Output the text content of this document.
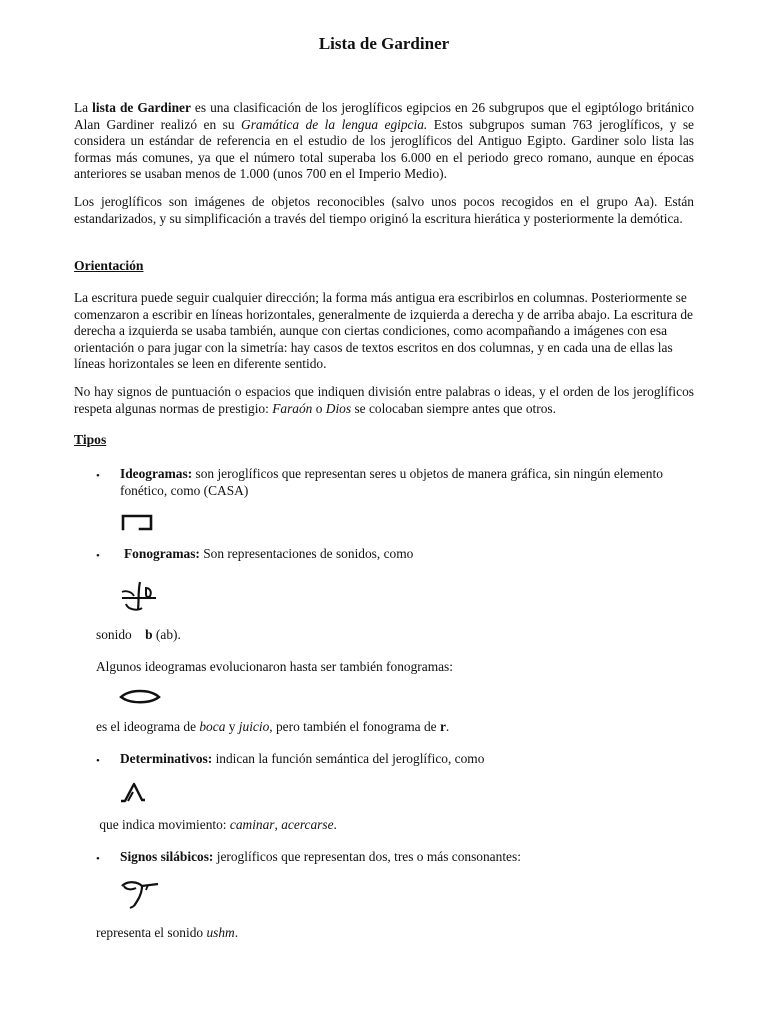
Lista de Gardiner

La lista de Gardiner es una clasificación de los jeroglíficos egipcios en 26 subgrupos que el egiptólogo británico Alan Gardiner realizó en su Gramática de la lengua egipcia. Estos subgrupos suman 763 jeroglíficos, y se considera un estándar de referencia en el estudio de los jeroglíficos del Antiguo Egipto. Gardiner solo lista las formas más comunes, ya que el número total superaba los 6.000 en el periodo greco romano, aunque en épocas anteriores se usaban menos de 1.000 (unos 700 en el Imperio Medio).

Los jeroglíficos son imágenes de objetos reconocibles (salvo unos pocos recogidos en el grupo Aa). Están estandarizados, y su simplificación a través del tiempo originó la escritura hierática y posteriormente la demótica.

Orientación

La escritura puede seguir cualquier dirección; la forma más antigua era escribirlos en columnas. Posteriormente se comenzaron a escribir en líneas horizontales, generalmente de izquierda a derecha y de arriba abajo. La escritura de derecha a izquierda se usaba también, aunque con ciertas condiciones, como acompañando a imágenes con esa orientación o para jugar con la simetría: hay casos de textos escritos en dos columnas, y en cada una de ellas las líneas horizontales se leen en diferente sentido.

No hay signos de puntuación o espacios que indiquen división entre palabras o ideas, y el orden de los jeroglíficos respeta algunas normas de prestigio: Faraón o Dios se colocaban siempre antes que otros.

Tipos

• Ideogramas: son jeroglíficos que representan seres u objetos de manera gráfica, sin ningún elemento fonético, como (CASA)

• Fonogramas: Son representaciones de sonidos, como

sonido    b (ab).

Algunos ideogramas evolucionaron hasta ser también fonogramas:

es el ideograma de boca y juicio, pero también el fonograma de r.

• Determinativos: indican la función semántica del jeroglífico, como

que indica movimiento: caminar, acercarse.

• Signos silábicos: jeroglíficos que representan dos, tres o más consonantes:

representa el sonido ushm.
